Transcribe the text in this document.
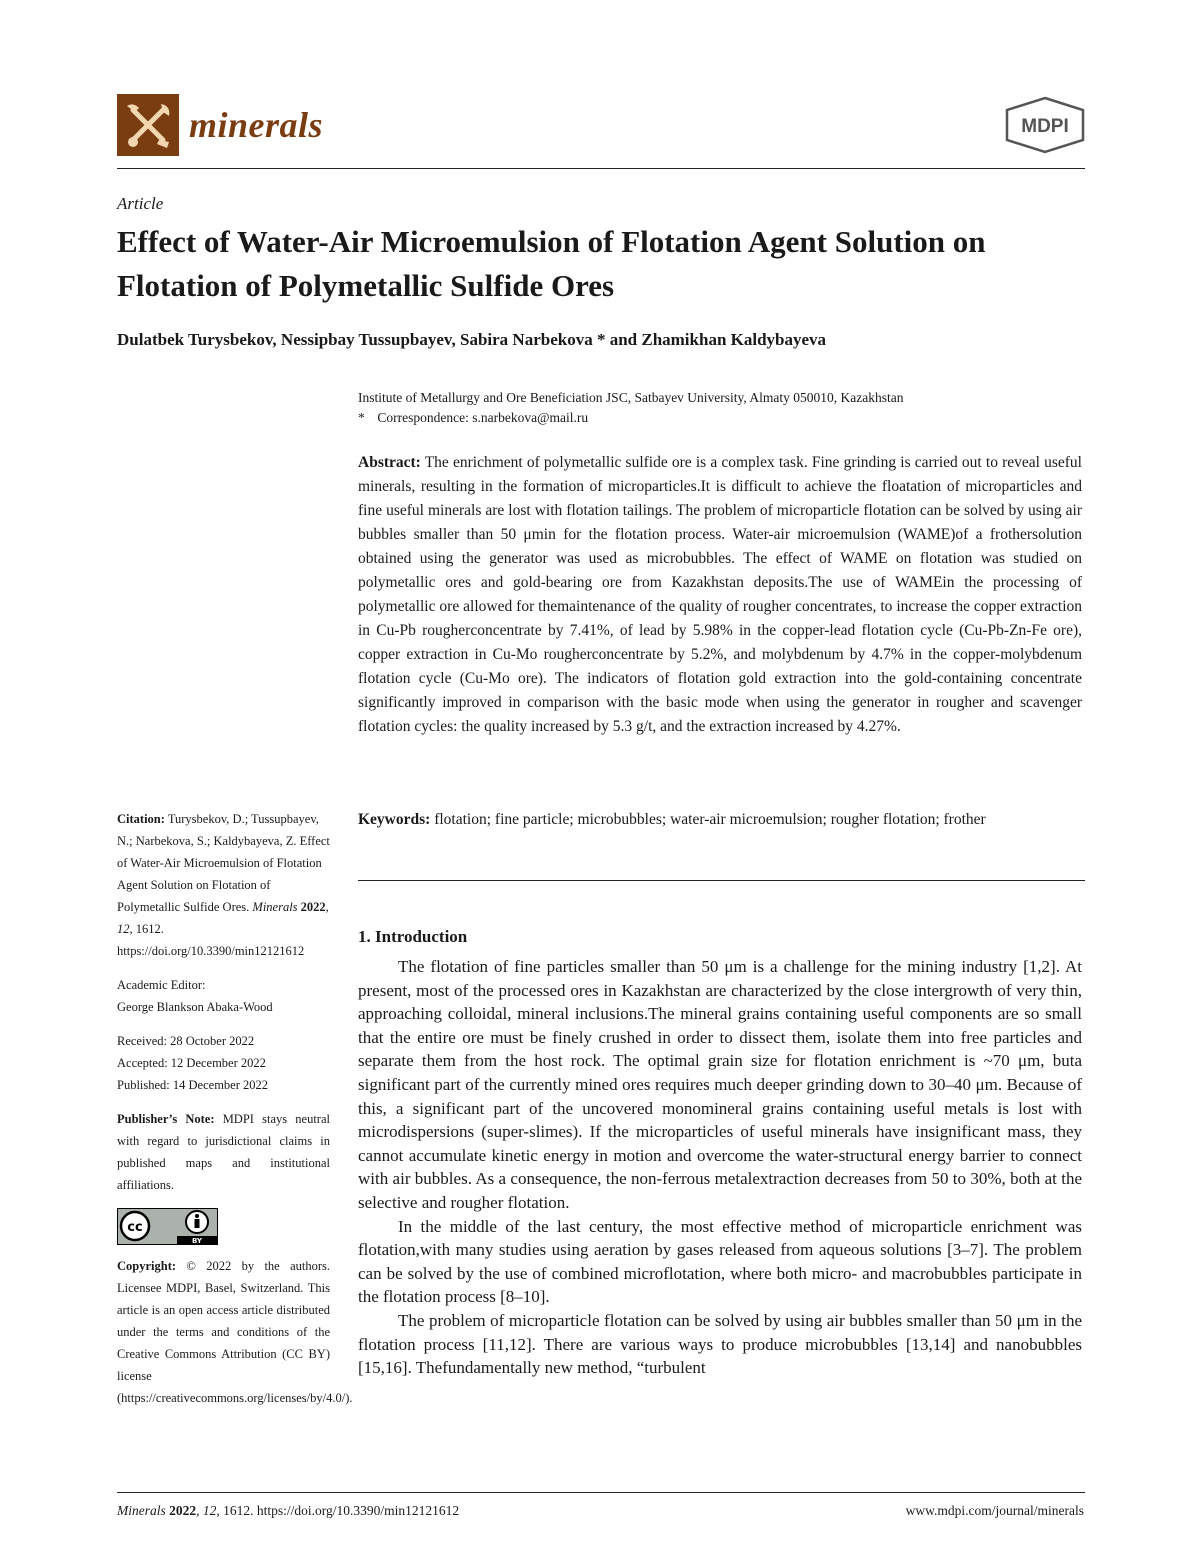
minerals	MDPI
Article
Effect of Water-Air Microemulsion of Flotation Agent Solution on Flotation of Polymetallic Sulfide Ores
Dulatbek Turysbekov, Nessipbay Tussupbayev, Sabira Narbekova * and Zhamikhan Kaldybayeva
Institute of Metallurgy and Ore Beneficiation JSC, Satbayev University, Almaty 050010, Kazakhstan
* Correspondence: s.narbekova@mail.ru
Abstract: The enrichment of polymetallic sulfide ore is a complex task. Fine grinding is carried out to reveal useful minerals, resulting in the formation of microparticles.It is difficult to achieve the floatation of microparticles and fine useful minerals are lost with flotation tailings. The problem of microparticle flotation can be solved by using air bubbles smaller than 50 μmin for the flotation process. Water-air microemulsion (WAME)of a frothersolution obtained using the generator was used as microbubbles. The effect of WAME on flotation was studied on polymetallic ores and gold-bearing ore from Kazakhstan deposits.The use of WAMEin the processing of polymetallic ore allowed for themaintenance of the quality of rougher concentrates, to increase the copper extraction in Cu-Pb rougherconcentrate by 7.41%, of lead by 5.98% in the copper-lead flotation cycle (Cu-Pb-Zn-Fe ore), copper extraction in Cu-Mo rougherconcentrate by 5.2%, and molybdenum by 4.7% in the copper-molybdenum flotation cycle (Cu-Mo ore). The indicators of flotation gold extraction into the gold-containing concentrate significantly improved in comparison with the basic mode when using the generator in rougher and scavenger flotation cycles: the quality increased by 5.3 g/t, and the extraction increased by 4.27%.
Keywords: flotation; fine particle; microbubbles; water-air microemulsion; rougher flotation; frother
Citation: Turysbekov, D.; Tussupbayev, N.; Narbekova, S.; Kaldybayeva, Z. Effect of Water-Air Microemulsion of Flotation Agent Solution on Flotation of Polymetallic Sulfide Ores. Minerals 2022, 12, 1612. https://doi.org/10.3390/min12121612
Academic Editor:
George Blankson Abaka-Wood
Received: 28 October 2022
Accepted: 12 December 2022
Published: 14 December 2022
Publisher’s Note: MDPI stays neutral with regard to jurisdictional claims in published maps and institutional affiliations.
cc
BY
Copyright: © 2022 by the authors. Licensee MDPI, Basel, Switzerland. This article is an open access article distributed under the terms and conditions of the Creative Commons Attribution (CC BY) license (https://creativecommons.org/licenses/by/4.0/).
1. Introduction

The flotation of fine particles smaller than 50 μm is a challenge for the mining industry [1,2]. At present, most of the processed ores in Kazakhstan are characterized by the close intergrowth of very thin, approaching colloidal, mineral inclusions.The mineral grains containing useful components are so small that the entire ore must be finely crushed in order to dissect them, isolate them into free particles and separate them from the host rock. The optimal grain size for flotation enrichment is ~70 μm, buta significant part of the currently mined ores requires much deeper grinding down to 30–40 μm. Because of this, a significant part of the uncovered monomineral grains containing useful metals is lost with microdispersions (super-slimes). If the microparticles of useful minerals have insignificant mass, they cannot accumulate kinetic energy in motion and overcome the water-structural energy barrier to connect with air bubbles. As a consequence, the non-ferrous metalextraction decreases from 50 to 30%, both at the selective and rougher flotation.

In the middle of the last century, the most effective method of microparticle enrichment was flotation,with many studies using aeration by gases released from aqueous solutions [3–7]. The problem can be solved by the use of combined microflotation, where both micro- and macrobubbles participate in the flotation process [8–10].

The problem of microparticle flotation can be solved by using air bubbles smaller than 50 μm in the flotation process [11,12]. There are various ways to produce microbubbles [13,14] and nanobubbles [15,16]. Thefundamentally new method, “turbulent

Minerals 2022, 12, 1612. https://doi.org/10.3390/min12121612	www.mdpi.com/journal/minerals
